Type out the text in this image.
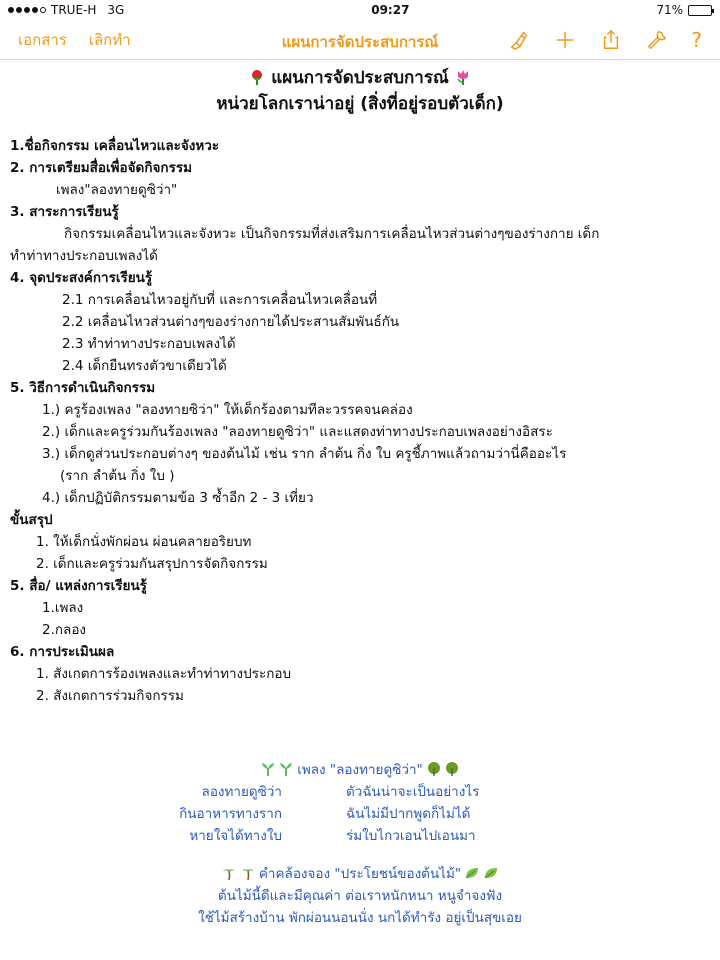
TRUE-H 3G	09:27	71%
เอกสาร เลิกทำ	?
แผนการจัดประสบการณ์
แผนการจัดประสบการณ์
หน่วยโลกเราน่าอยู่ (สิ่งที่อยู่รอบตัวเด็ก)
1.ชื่อกิจกรรม เคลื่อนไหวและจังหวะ
2. การเตรียมสื่อเพื่อจัดกิจกรรม
เพลง"ลองทายดูซิว่า"
3. สาระการเรียนรู้
กิจกรรมเคลื่อนไหวและจังหวะ เป็นกิจกรรมที่ส่งเสริมการเคลื่อนไหวส่วนต่างๆของร่างกาย เด็ก
ทำท่าทางประกอบเพลงได้
4. จุดประสงค์การเรียนรู้
2.1 การเคลื่อนไหวอยู่กับที่ และการเคลื่อนไหวเคลื่อนที่
2.2 เคลื่อนไหวส่วนต่างๆของร่างกายได้ประสานสัมพันธ์กัน
2.3 ทำท่าทางประกอบเพลงได้
2.4 เด็กยืนทรงตัวขาเดียวได้
5. วิธีการดำเนินกิจกรรม
1.) ครูร้องเพลง "ลองทายซิว่า" ให้เด็กร้องตามทีละวรรคจนคล่อง
2.) เด็กและครูร่วมกันร้องเพลง "ลองทายดูซิว่า" และแสดงท่าทางประกอบเพลงอย่างอิสระ
3.) เด็กดูส่วนประกอบต่างๆ ของต้นไม้ เช่น ราก ลำต้น กิ่ง ใบ ครูชี้ภาพแล้วถามว่านี่คืออะไร
(ราก ลำต้น กิ่ง ใบ )
4.) เด็กปฏิบัติกรรมตามข้อ 3 ซ้ำอีก 2 - 3 เที่ยว
ขั้นสรุป
1. ให้เด็กนั่งพักผ่อน ผ่อนคลายอริยบท
2. เด็กและครูร่วมกันสรุปการจัดกิจกรรม
5. สื่อ/ แหล่งการเรียนรู้
1.เพลง
2.กลอง
6. การประเมินผล
1. สังเกตการร้องเพลงและทำท่าทางประกอบ
2. สังเกตการร่วมกิจกรรม
เพลง "ลองทายดูซิว่า"
ลองทายดูซิว่า	ตัวฉันน่าจะเป็นอย่างไร
กินอาหารทางราก	ฉันไม่มีปากพูดก็ไม่ได้
หายใจได้ทางใบ	ร่มใบไกวเอนไปเอนมา
คำคล้องจอง "ประโยชน์ของต้นไม้"
ต้นไม้นี้ดีและมีคุณค่า ต่อเราหนักหนา หนูจำจงฟัง
ใช้ไม้สร้างบ้าน พักผ่อนนอนนั่ง นกได้ทำรัง อยู่เป็นสุขเอย
